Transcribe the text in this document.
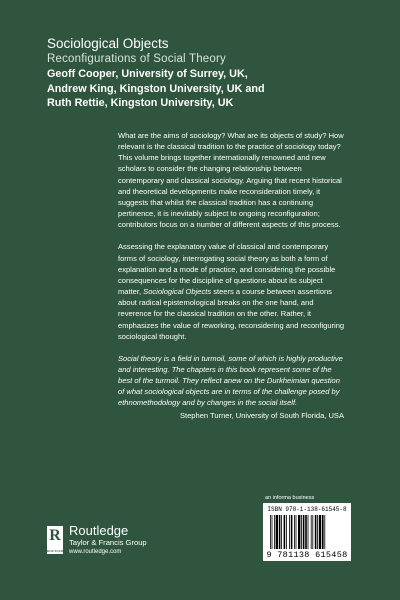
Sociological Objects
Reconfigurations of Social Theory
Geoff Cooper, University of Surrey, UK,
Andrew King, Kingston University, UK and
Ruth Rettie, Kingston University, UK

What are the aims of sociology? What are its objects of study? How relevant is the classical tradition to the practice of sociology today? This volume brings together internationally renowned and new scholars to consider the changing relationship between contemporary and classical sociology. Arguing that recent historical and theoretical developments make reconsideration timely, it suggests that whilst the classical tradition has a continuing pertinence, it is inevitably subject to ongoing reconfiguration; contributors focus on a number of different aspects of this process.

Assessing the explanatory value of classical and contemporary forms of sociology, interrogating social theory as both a form of explanation and a mode of practice, and considering the possible consequences for the discipline of questions about its subject matter, Sociological Objects steers a course between assertions about radical epistemological breaks on the one hand, and reverence for the classical tradition on the other. Rather, it emphasizes the value of reworking, reconsidering and reconfiguring sociological thought.

Social theory is a field in turmoil, some of which is highly productive and interesting. The chapters in this book represent some of the best of the turmoil. They reflect anew on the Durkheimian question of what sociological objects are in terms of the challenge posed by ethnomethodology and by changes in the social itself.

Stephen Turner, University of South Florida, USA

R
ROUTLEDGE
Routledge
Taylor & Francis Group
www.routledge.com
an informa business
ISBN 978-1-138-61545-8
9 781138 615458
